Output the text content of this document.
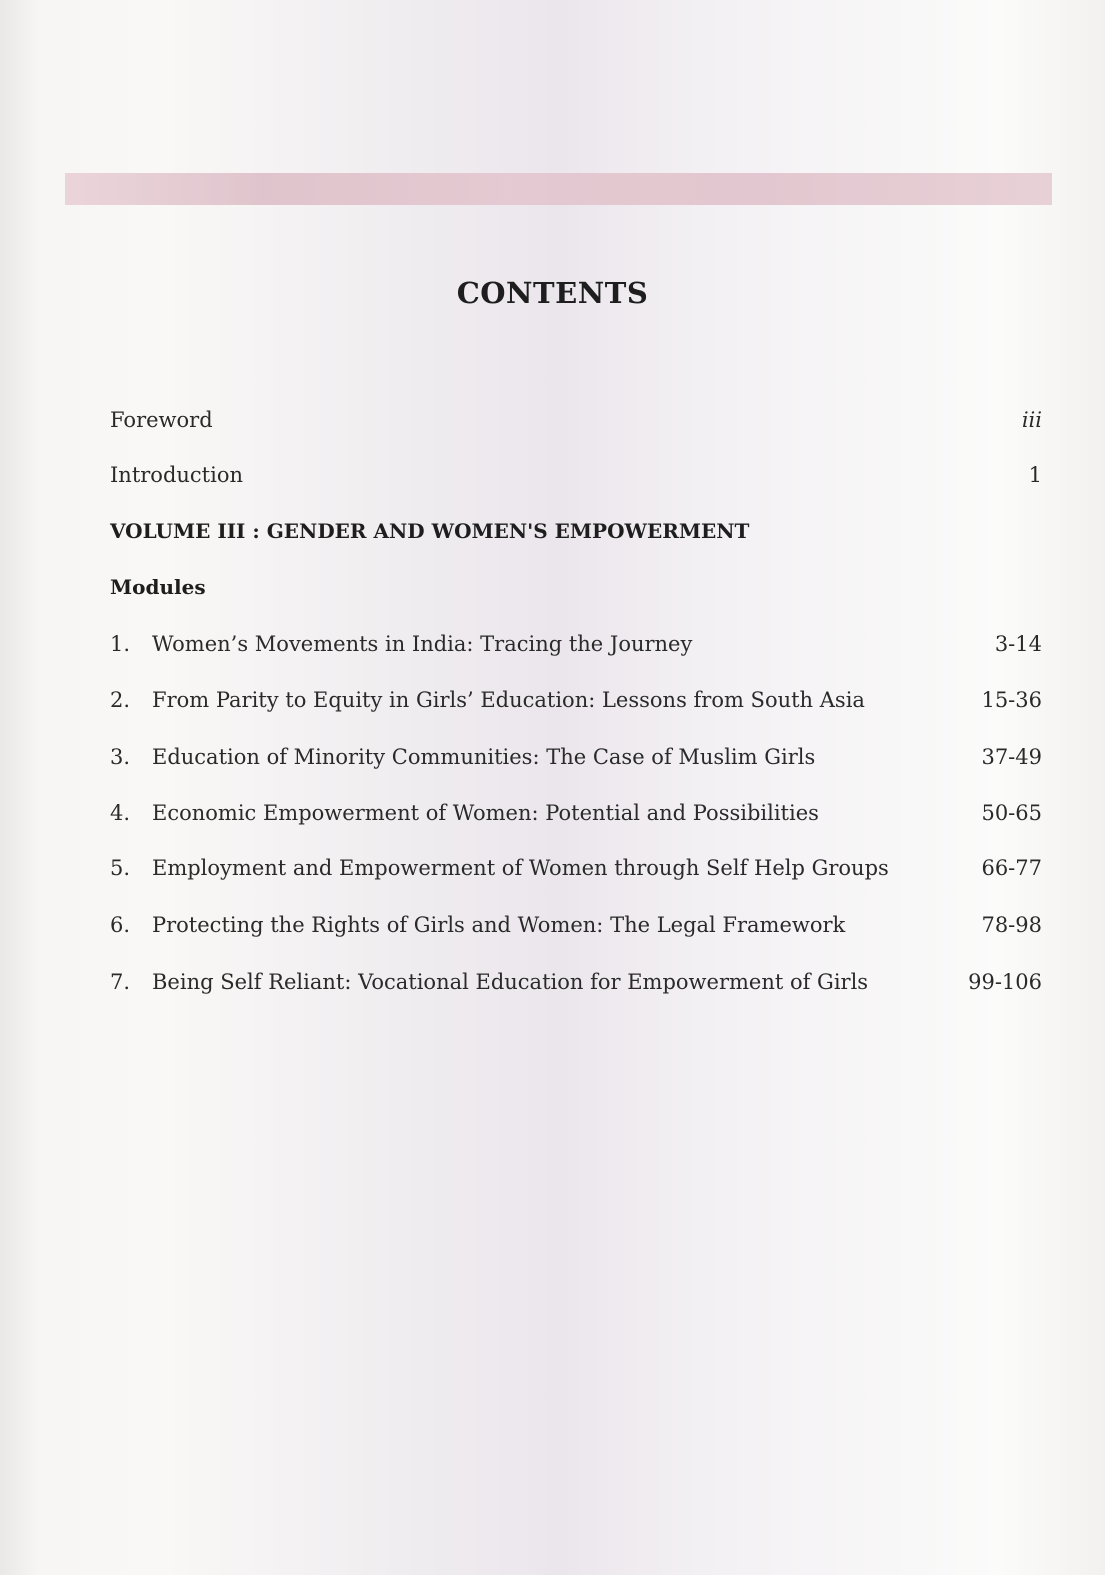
CONTENTS
Foreword	iii
Introduction	1
VOLUME III : GENDER AND WOMEN'S EMPOWERMENT
Modules
1.	Women’s Movements in India: Tracing the Journey	3-14
2.	From Parity to Equity in Girls’ Education: Lessons from South Asia	15-36
3.	Education of Minority Communities: The Case of Muslim Girls	37-49
4.	Economic Empowerment of Women: Potential and Possibilities	50-65
5.	Employment and Empowerment of Women through Self Help Groups	66-77
6.	Protecting the Rights of Girls and Women: The Legal Framework	78-98
7.	Being Self Reliant: Vocational Education for Empowerment of Girls	99-106
